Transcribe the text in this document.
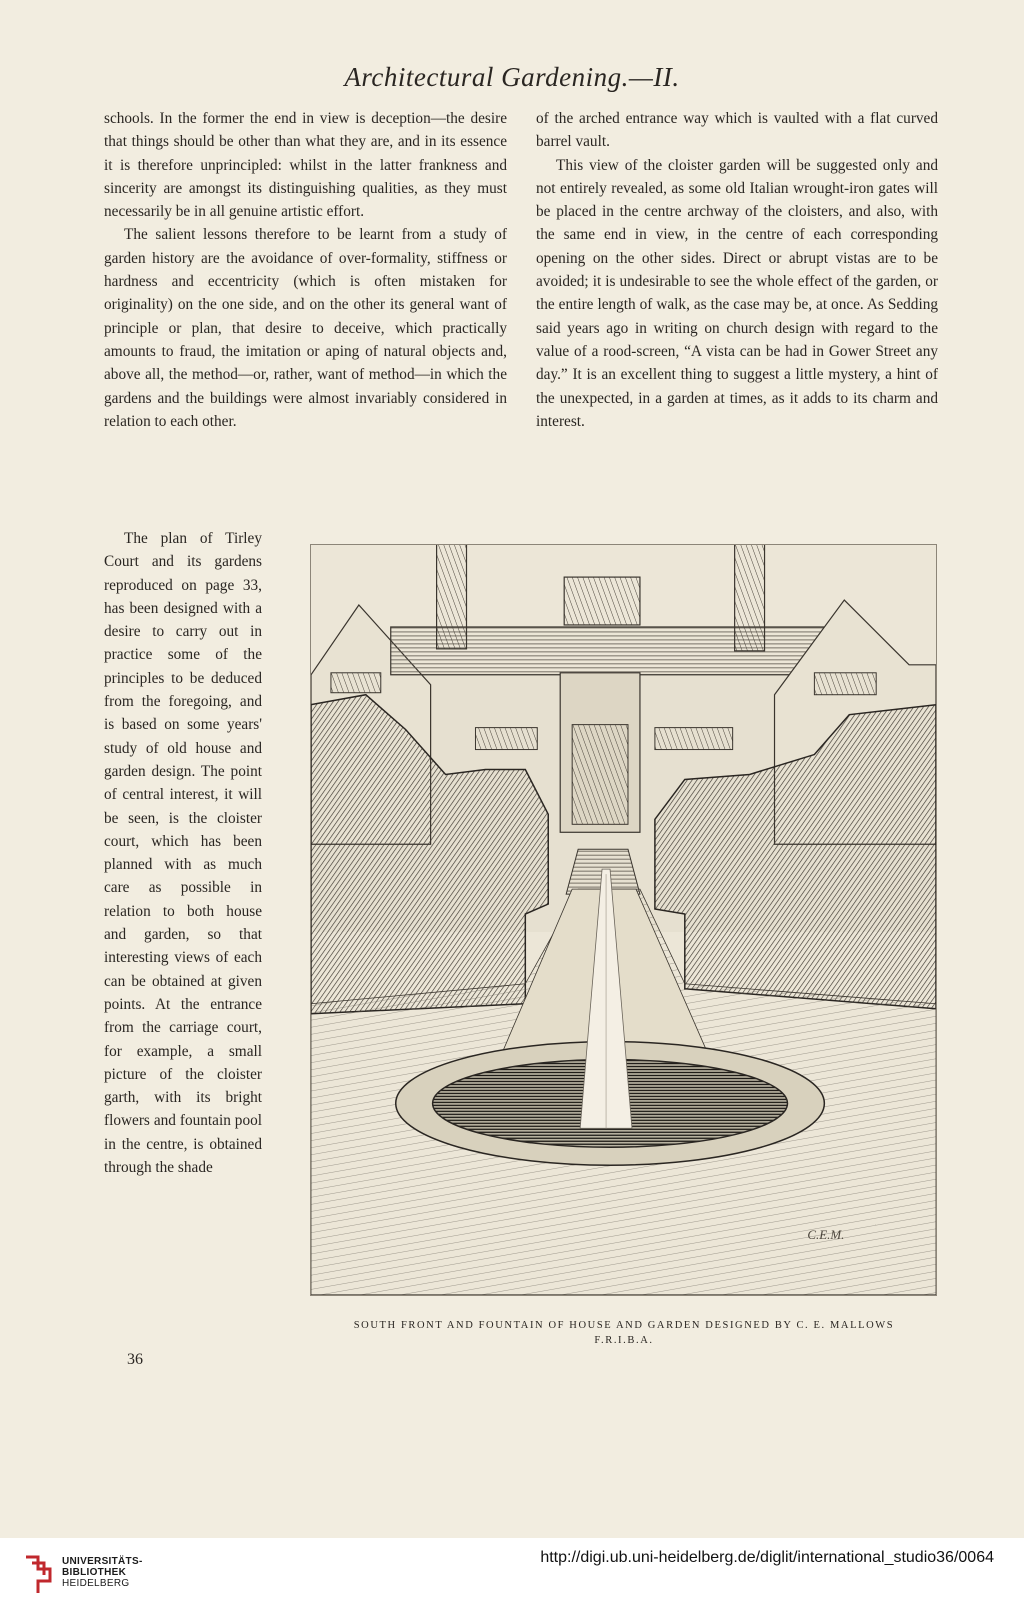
Architectural Gardening.—II.

schools. In the former the end in view is deception—the desire that things should be other than what they are, and in its essence it is therefore unprincipled: whilst in the latter frankness and sincerity are amongst its distinguishing qualities, as they must necessarily be in all genuine artistic effort.

The salient lessons therefore to be learnt from a study of garden history are the avoidance of over-formality, stiffness or hardness and eccentricity (which is often mistaken for originality) on the one side, and on the other its general want of principle or plan, that desire to deceive, which practically amounts to fraud, the imitation or aping of natural objects and, above all, the method—or, rather, want of method—in which the gardens and the buildings were almost invariably considered in relation to each other.

The plan of Tirley Court and its gardens reproduced on page 33, has been designed with a desire to carry out in practice some of the principles to be deduced from the foregoing, and is based on some years' study of old house and garden design. The point of central interest, it will be seen, is the cloister court, which has been planned with as much care as possible in relation to both house and garden, so that interesting views of each can be obtained at given points. At the entrance from the carriage court, for example, a small picture of the cloister garth, with its bright flowers and fountain pool in the centre, is obtained through the shade

of the arched entrance way which is vaulted with a flat curved barrel vault.

This view of the cloister garden will be suggested only and not entirely revealed, as some old Italian wrought-iron gates will be placed in the centre archway of the cloisters, and also, with the same end in view, in the centre of each corresponding opening on the other sides. Direct or abrupt vistas are to be avoided; it is undesirable to see the whole effect of the garden, or the entire length of walk, as the case may be, at once. As Sedding said years ago in writing on church design with regard to the value of a rood-screen, “A vista can be had in Gower Street any day.” It is an excellent thing to suggest a little mystery, a hint of the unexpected, in a garden at times, as it adds to its charm and interest.

C.E.M.
SOUTH FRONT AND FOUNTAIN OF HOUSE AND GARDEN DESIGNED BY C. E. MALLOWS
F.R.I.B.A.
36
UNIVERSITÄTS-
BIBLIOTHEK
HEIDELBERG
http://digi.ub.uni-heidelberg.de/diglit/international_studio36/0064
